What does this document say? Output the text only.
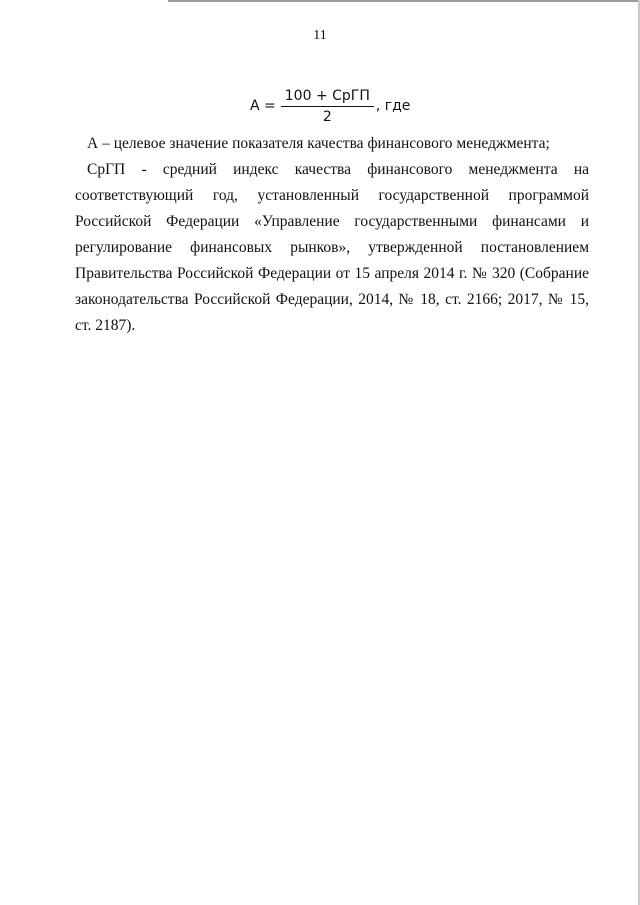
11
$A = \frac{\text{100 + СрГП}}{2}$ , где

А – целевое значение показателя качества финансового менеджмента;

СрГП - средний индекс качества финансового менеджмента на соответствующий год, установленный государственной программой Российской Федерации «Управление государственными финансами и регулирование финансовых рынков», утвержденной постановлением Правительства Российской Федерации от 15 апреля 2014 г. № 320 (Собрание законодательства Российской Федерации, 2014, № 18, ст. 2166; 2017, № 15, ст. 2187).
